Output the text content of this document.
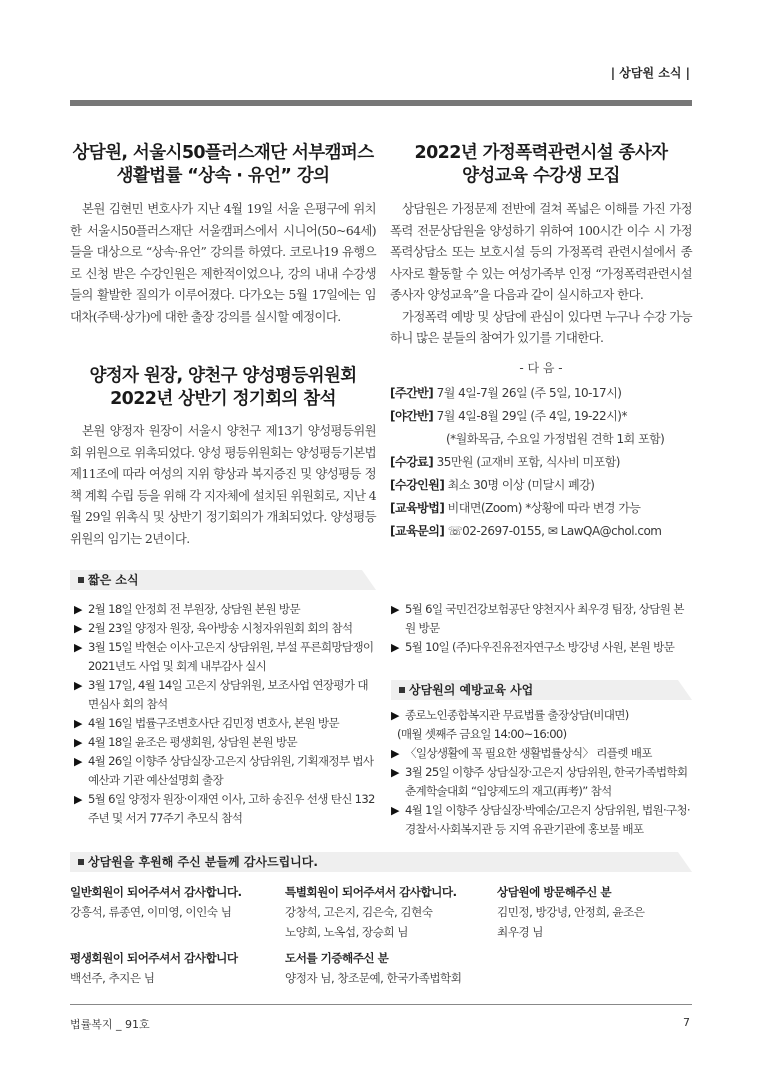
| 상담원 소식 |
상담원, 서울시50플러스재단 서부캠퍼스
생활법률 “상속 · 유언” 강의

본원 김현민 변호사가 지난 4월 19일 서울 은평구에 위치한 서울시50플러스재단 서울캠퍼스에서 시니어(50~64세)들을 대상으로 “상속·유언” 강의를 하였다. 코로나19 유행으로 신청 받은 수강인원은 제한적이었으나, 강의 내내 수강생들의 활발한 질의가 이루어졌다. 다가오는 5월 17일에는 임대차(주택·상가)에 대한 출장 강의를 실시할 예정이다.

양정자 원장, 양천구 양성평등위원회
2022년 상반기 정기회의 참석

본원 양정자 원장이 서울시 양천구 제13기 양성평등위원회 위원으로 위촉되었다. 양성 평등위원회는 양성평등기본법 제11조에 따라 여성의 지위 향상과 복지증진 및 양성평등 정책 계획 수립 등을 위해 각 지자체에 설치된 위원회로, 지난 4월 29일 위촉식 및 상반기 정기회의가 개최되었다. 양성평등위원의 임기는 2년이다.

2022년 가정폭력관련시설 종사자
양성교육 수강생 모집

상담원은 가정문제 전반에 걸쳐 폭넓은 이해를 가진 가정폭력 전문상담원을 양성하기 위하여 100시간 이수 시 가정폭력상담소 또는 보호시설 등의 가정폭력 관련시설에서 종사자로 활동할 수 있는 여성가족부 인정 “가정폭력관련시설 종사자 양성교육”을 다음과 같이 실시하고자 한다.

가정폭력 예방 및 상담에 관심이 있다면 누구나 수강 가능하니 많은 분들의 참여가 있기를 기대한다.

- 다 음 -
[주간반] 7월 4일-7월 26일 (주 5일, 10-17시)
[야간반] 7월 4일-8월 29일 (주 4일, 19-22시)*
(*월화목금, 수요일 가정법원 견학 1회 포함)
[수강료] 35만원 (교재비 포함, 식사비 미포함)
[수강인원] 최소 30명 이상 (미달시 폐강)
[교육방법] 비대면(Zoom) *상황에 따라 변경 가능
[교육문의] ☏02-2697-0155, ✉ LawQA@chol.com
짧은 소식
▶ 2월 18일 안정희 전 부원장, 상담원 본원 방문
▶ 2월 23일 양정자 원장, 육아방송 시청자위원회 회의 참석
▶ 3월 15일 박현순 이사·고은지 상담위원, 부설 푸른희망담쟁이 2021년도 사업 및 회계 내부감사 실시
▶ 3월 17일, 4월 14일 고은지 상담위원, 보조사업 연장평가 대면심사 회의 참석
▶ 4월 16일 법률구조변호사단 김민정 변호사, 본원 방문
▶ 4월 18일 윤조은 평생회원, 상담원 본원 방문
▶ 4월 26일 이향주 상담실장·고은지 상담위원, 기획재정부 법사예산과 기관 예산설명회 출장
▶ 5월 6일 양정자 원장·이재연 이사, 고하 송진우 선생 탄신 132주년 및 서거 77주기 추모식 참석
▶ 5월 6일 국민건강보험공단 양천지사 최우경 팀장, 상담원 본원 방문
▶ 5월 10일 (주)다우진유전자연구소 방강녕 사원, 본원 방문
상담원의 예방교육 사업
▶ 종로노인종합복지관 무료법률 출장상담(비대면)
(매월 셋째주 금요일 14:00~16:00)
▶ 〈일상생활에 꼭 필요한 생활법률상식〉 리플렛 배포
▶ 3월 25일 이향주 상담실장·고은지 상담위원, 한국가족법학회 춘계학술대회 “입양제도의 재고(再考)” 참석
▶ 4월 1일 이향주 상담실장·박예순/고은지 상담위원, 법원·구청·경찰서·사회복지관 등 지역 유관기관에 홍보물 배포
상담원을 후원해 주신 분들께 감사드립니다.
일반회원이 되어주셔서 감사합니다.
강흥석, 류종연, 이미영, 이인숙 님
평생회원이 되어주셔서 감사합니다
백선주, 추지은 님
특별회원이 되어주셔서 감사합니다.
강창석, 고은지, 김은숙, 김현숙
노양희, 노옥섭, 장승희 님
도서를 기증해주신 분
양정자 님, 창조문예, 한국가족법학회
상담원에 방문해주신 분
김민정, 방강녕, 안정희, 윤조은
최우경 님
법률복지 _ 91호	7
